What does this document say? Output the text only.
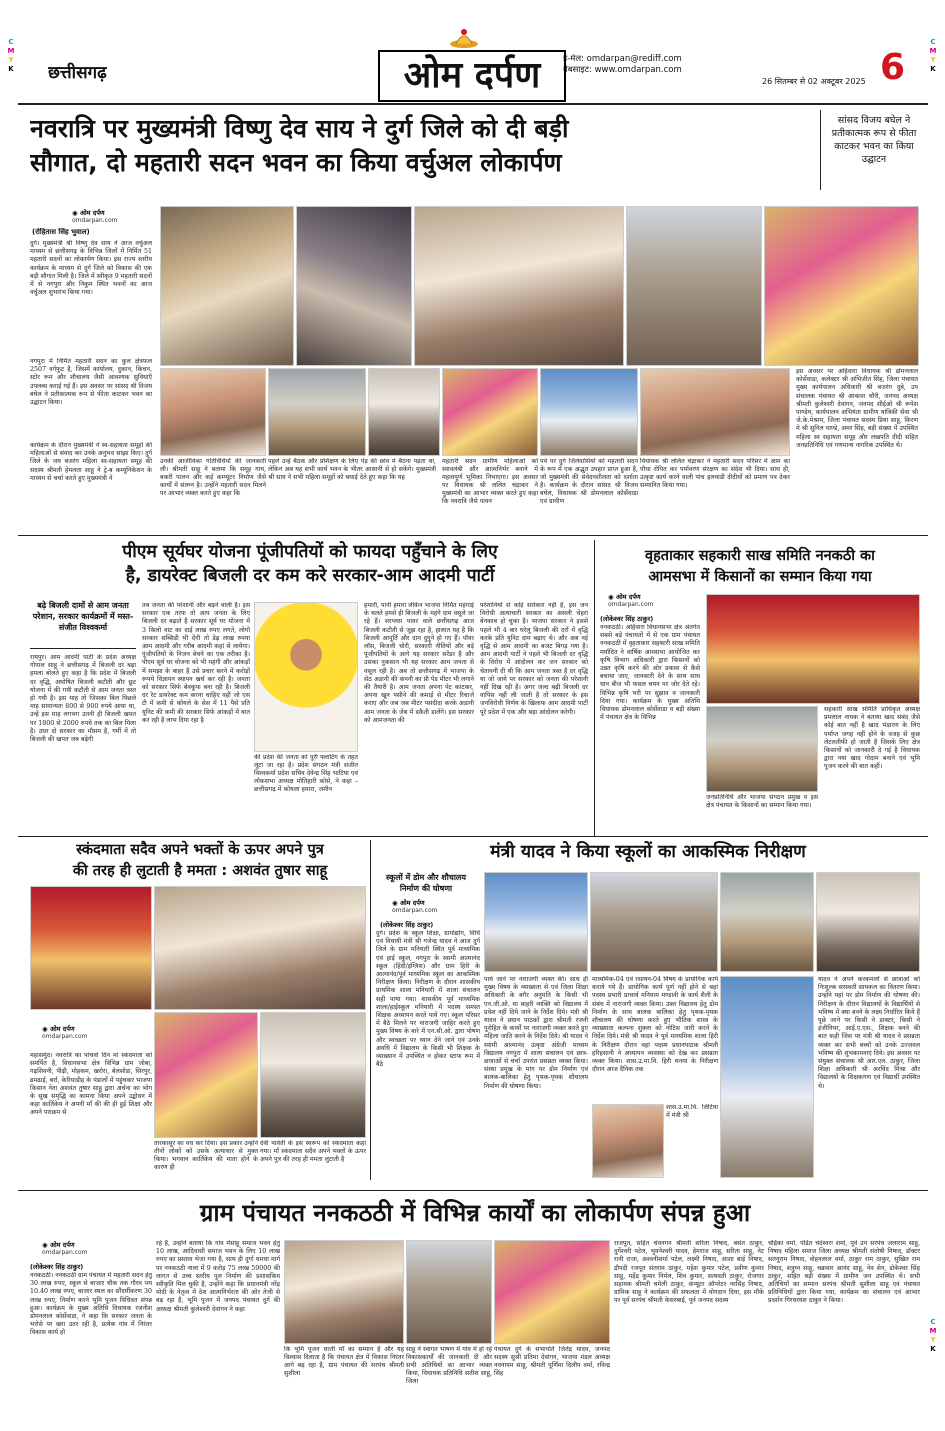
C
M
Y
K
C
M
Y
K
C
M
Y
K
छत्तीसगढ़	ओम दर्पण	ई-मेल: omdarpan@rediff.com
वेबसाइट: www.omdarpan.com
26 सितम्बर से 02 अक्टूबर 2025 6
नवरात्रि पर मुख्यमंत्री विष्णु देव साय ने दुर्ग जिले को दी बड़ी
सौगात, दो महतारी सदन भवन का किया वर्चुअल लोकार्पण
सांसद विजय बघेल ने प्रतीकात्मक रूप से फीता काटकर भवन का किया उद्घाटन
◉ ओम दर्पण
omdarpan.com
(रोहितास सिंह भुवाल)
दुर्ग। मुख्यमंत्री श्री विष्णु देव साय ने आज वर्चुअल माध्यम से छत्तीसगढ़ के विभिन्न जिलों में निर्मित 51 महतारी सदनों का लोकार्पण किया। इस राज्य स्तरीय कार्यक्रम के माध्यम से दुर्ग जिले को विकास की एक बड़ी सौगात मिली है। जिले में स्वीकृत 9 महतारी सदनों में से नगपुरा और निकुम स्थित भवनों का आज वर्चुअल शुभारंभ किया गया।
नगपुरा में निर्मित महतारी सदन का कुल क्षेत्रफल 2507 वर्गफुट है, जिसमें कार्यालय, दुकान, किचन, स्टोर रूम और शौचालय जैसी आवश्यक सुविधाएँ उपलब्ध कराई गई हैं। इस अवसर पर सांसद श्री विजय बघेल ने प्रतीकात्मक रूप से फीता काटकर भवन का उद्घाटन किया।
कार्यक्रम के दौरान मुख्यमंत्री ने स्व-सहायता समूहों की महिलाओं से संवाद कर उनके अनुभव साझा किए। दुर्ग जिले के जय बजरंग महिला स्व-सहायता समूह की सदस्य श्रीमती हेमलता साहू ने ट्रे-ब कम्यूनिकेशन के माध्यम से चर्चा करते हुए मुख्यमंत्री ने
इस अवसर पर अहिवारा विधायक श्री डोमनलाल कोर्सेवाडा, कलेक्टर श्री अभिजीत सिंह, जिला पंचायत मुख्य कार्यपालन अधिकारी श्री बजरंग दुबे, उप संचालक पंचायत श्री आकाश चौरी, जनपद अध्यक्ष श्रीमती कुलेश्वरी देवांगन, जनपद सीईओ श्री रूपेश पाण्डेय, कार्यपालन अभियंता ग्रामीण यांत्रिकी सेवा श्री जे.के.मेश्राम, जिला पंचायत सदस्य प्रिया साहू, किरण मे श्री सुनिल पाण्डे, अमर सिंह, बड़ी संख्या में उपस्थित महिला स्व सहायता समूह और लखपति दीदी सहित जनप्रतिनिधि एवं गणमान्य नागरिक उपस्थित थे।
उनकी आजीविका गतिविधियों की जानकारी ली। श्रीमती साहू ने बताया कि समूह गाय, बकरी पालन और कई कम्प्यूटर निर्माण जैसे कार्यों में संलग्न है। उन्होंने महतारी सदन मिलने पर आभार व्यक्त करते हुए कहा कि
पहले उन्हें बैठक और प्रशिक्षण के लिए पेड़ की छांव में बैठना पड़ता था, लेकिन अब यह सभी कार्य भवन के भीतर आसानी से हो सकेंगे। मुख्यमंत्री श्री साय ने सभी महिला समूहों को बधाई देते हुए कहा कि यह
महतारी सदन ग्रामीण महिलाओं को स्वावलंबी और आत्मनिर्भर बनाने में महत्वपूर्ण भूमिका निभाएगा। इस अवसर पर विधायक श्री ललित चंद्राकर ने मुख्यमंत्री का आभार व्यक्त करते हुए कहा कि नवरात्रि जैसे पावन
पर्व पर दुर्ग जिलेवासियों को महतारी सदन के रूप में एक अद्भुत उपहार प्राप्त हुआ है, जो मुख्यमंत्री की संवेदनशीलता को दर्शाता है। कार्यक्रम के दौरान सांसद श्री विजय बघेल, विधायक श्री डोमनलाल कोर्सेवाडा एवं ग्रामीण
विधायक श्री ललित चंद्राकर ने महतारी सदन परिसर में आम का पौधा रोपित कर पर्यावरण संरक्षण का संदेश भी दिया। साथ ही, उत्कृष्ट कार्य करने वाली पांच हलवाडी दीदीयों को प्रमाण पत्र देकर सम्मानित किया गया।
पीएम सूर्यघर योजना पूंजीपतियों को फायदा पहुँचाने के लिए
है, डायरेक्ट बिजली दर कम करे सरकार-आम आदमी पार्टी
बढ़े बिजली दामों से आम जनता परेशान, सरकार कार्यक्रमों में मस्त- संजीत विश्वकर्मा
रायपुर। आम आदमी पार्टी के प्रदेश अध्यक्ष गोपाल साहू ने छत्तीसगढ़ में बिजली दर बढ़ा हमला बोलते हुए कहा है कि प्रदेश में बिजली दर वृद्धि, अघोषित बिजली कटौती और छूट योजना में की गयी कटौती से आम जनता त्रस्त हो गयी है। इस माह तो जिसका बिल पिछले माह सामान्यतः 800 से 900 रुपये आया था, उन्हें इस माह लगभग उतनी ही बिजली खपत पर 1800 से 2000 रुपये तक का बिल मिला है। उधर दो सरकार का मौसम है, गर्मी में तो बिजली की खपत जब बढ़ेगी
तब जनता की परेशानी और बढ़ने वाली है। इस सरकार एक तरफ तो आप जनता के लिए बिजली दर बढ़ाते है सरकार सूर्य घर योजना में 3 किलो वाट का दाई लाख रुपए लगते, लोगो सरकार सब्सिडी भी देंगी तो डेढ़ लाख रुपया आम आदमी और गरीब आदमी कहां से लायेगा। पूंजीपतियों के निजन बेचने का एक तरीका है। पीएम सूर्य घर योजना को भी महंगी और आंकड़ों में समझा के बाहर है उसे प्रचार करने में करोड़ों रूपये विज्ञापन स्थापन खर्च कर रही है। जनता को सरकार सिर्फ बेवकूफ बना रही है। बिजली दर रेट डायरेक्ट कम करना चाहिए वहीं जो एस टी में कमी से कोयले के सेस में 11 पैसे प्रति यूनिट की कमी की सरकार सिर्फ आंकड़ों में बात कर रही है लाभ दिया रहा है
की प्रदेश की जनता को पूरी फ्लाटिंग के तहत लूटा जा रहा है। प्रदेश संगठन मंत्री संजीत विश्वकर्मा प्रदेश सचिव देवेन्द्र सिंह भाटिया एवं लोकसभा अध्यक्ष मोतिहारी कोसे, ने कहा – छत्तीसगढ़ में कोयला हमारा, जमीन
हमारी, पानी हमारा लेकिन भाजपा निर्मित महंगाई के चलते हमसे ही बिजली के महंगे दाम वसूले जा रहे हैं। सरप्लस पावर वाले छत्तीसगढ़ आज बिजली कटौती से जूझ रहा है, हालात यह है कि बिजली आपूर्ति और दाम दुगुने हो गए हैं। पॉवर लॉस, बिजली चोरी, सरकारी नीतियों और बड़े पूंजीपतियों के आगे यह सरकार सरेंडर है और उसका नुकसान भी यह सरकार आम जनता से वसूल रही है। अब तो छत्तीसगढ़ में भाजपा के सेठ अडानी की कंपनी का प्री पेड मीटर भी लगाने की तैयारी है। आम जनता अपना पेट काटकर, अपना खून पसीने की कमाई से मीटर रिचार्ज कराए और जब जब मीटर पसंदीदा करके अडानी आम जनता के जेब में डकैती डालेंगे। इस सरकार को आमजनता की
परेशानियों से कोई सरोकार नहीं है, इस जन विरोधी अत्याचारी सरकार का असली चेहरा बेनकाब हो चुका है। भाजपा सरकार ने इससे पहले भी 4 बार घरेलू बिजली की दरों में वृद्धि करके प्रति यूनिट दाम बढ़ाए थे। और अब नई वृद्धि से आम आदमी का बजट बिगड़ गया है। आम आदमी पार्टी ने पहले भी बिजली दर वृद्धि के विरोध में आंदोलन कर जन सरकार को चेतावनी दी थी कि आम जनता त्रस्त है दर वृद्धि या जो जाये पर सरकार को जनता की परेशानी नहीं दिख रही है। अगर जल्द बढ़ी बिजली दर वापिस नहीं ली जाती है तो सरकार के इस जनविरोधी निर्णय के खिलाफ आम आदमी पार्टी पूरे प्रदेश में एक और बड़ा आंदोलन करेगी।
वृहताकार सहकारी साख समिति ननकठी का
आमसभा में किसानों का सम्मान किया गया
◉ ओम दर्पण
omdarpan.com
(लोकेश्वर सिंह ठाकुर)
ननकठठी। अहिवारा विधानसभा क्षेत्र अंतर्गत सबसे बड़े पंचायतों में से एक ग्राम पंचायत ननकठठी में वृहताकार सहकारी साख समिति मर्यादित ने वार्षिक आमसभा आयोजित कर कृषि विभाग अधिकारी द्वारा किसानों को उन्नत कृषि करने की ओर प्रकाश से कैसे बचाया जाए, जानकारी देने के साथ साथ धान बीज भी फसल चयन पर जोर देते रहे। विभिन्न कृषि भरी पर सुझाव व जानकारी दिया गया। कार्यक्रम के मुख्य अतिथि विधायक डोमनलाल कोर्सेवाडा व बड़ी संख्या में पंचायत क्षेत्र के विभिन्न
जनप्रतिनिधि और भाजपा संगठन प्रमुख व इस क्षेत्र पंचायत के किसानों का सम्मान किया गया।
सहकारी साख समिति प्राधिकृत अध्यक्ष प्रमलाल नायक ने बताया खाद संबंद जैसे कोई बात नहीं है खाद भंडारण के लिए पर्याप्त जगह नहीं होने के वजह से कुछ लेटलतीफी हो जाती है जिसके लिए क्षेत्र किसानों को जानकारी दे गई है विधायक द्वारा नया खाद गोदाम बनाने एवं भूमि पूजन करने की बात कहीं।
स्कंदमाता सदैव अपने भक्तों के ऊपर अपने पुत्र
की तरह ही लुटाती है ममता : अशवंत तुषार साहू
◉ ओम दर्पण
omdarpan.com
महासमुंद। नवरात्रि का पांचवां दिन मां स्कंदमाता को समर्पित है, विधानसभा क्षेत्र विभिन्न ग्राम जोबा, गढ़सिवनी, पीढ़ी, मोहकम, खरोरा, बेलसोडा, सिरपुर, ढमढाई, बर्रा, केरियाडीह के पंडालों में पहुंचकर भाजपा किसान नेता अशवंत तुषार साहू द्वारा अर्चना का भोग के सुख समृद्धि का कामना किया अपने उद्बोधन में कहा कार्तिकेय ने अपनी माँ की की ही हुई शिक्षा और अपने पराक्रम से
तारकासुर का वध कर दिया। इस प्रकार उन्होंने तीनों लोकों को उसके अत्याचार से मुक्त किया। भगवान कार्तिकेय की माता होने के कारण ही
देवी पार्वती के इस स्वरूप को स्कंदमाता कहा गया। माँ स्कंदमाता सदैव अपने भक्तों के ऊपर अपने पुत्र की तरह ही ममता लुटाती है
मंत्री यादव ने किया स्कूलों का आकस्मिक निरीक्षण
स्कूलों में डोम और शौचालय निर्माण की घोषणा
◉ ओम दर्पण
omdarpan.com
(लोकेश्वर सिंह ठाकुर)
दुर्ग। प्रदेश के स्कूल शिक्षा, ग्रामोद्योग, विधि एवं विधायी मंत्री श्री गजेन्द्र यादव ने आज दुर्ग जिले के ग्राम मनियारी स्थित पूर्व माध्यमिक एवं हाई स्कूल, नगपुरा के स्वामी आत्मानंद स्कूल (हिंदी/इंग्लिश) और ग्राम हिरी के आत्मानंद/पूर्व माध्यमिक स्कूल का आकस्मिक निरीक्षण किया। निरीक्षण के दौरान शासकीय प्राथमिक शाला मनियारी में शाला संचालन सही पाया गया। शासकीय पूर्व माध्यमिक शाला/हाईस्कूल मनियारी में पदस्थ समस्त शिक्षक अध्यापन करते पाये गए। स्कूल परिसर में बैठे मिलने पर नाराजगी जाहिर करते हुए मुख्य विषय के बारे में एन.सी.ओ. द्वारा पोषण और स्वच्छता पर ध्यान देने जाने एवं उनके अवधि में विद्यालय के किसी भी शिक्षक के व्याख्यान में उपस्थित न होकर स्टाफ रूम में बैठे
पाये जाने पर नाराजगी व्यक्त की। साथ ही मुख्य विषय के व्याख्यता से एवं जिला शिक्षा अधिकारी के बगैर अनुमति के किसी भी एन.जी.ओ. या बाहरी व्यक्ति को विद्यालय में प्रवेश नहीं दिये जाने के निर्देश दिये। मंत्री श्री यादव ने प्रधान पाठकों द्वारा श्रीमती रजनी पुरोहित के कार्यों पर नाराजगी व्यक्त करते हुए महिला जाति करने के निर्देश दिये। श्री यादव ने स्वामी आत्मानंद उत्कृष्ट अंग्रेजी माध्यम विद्यालय नगपुरा में शाला संचालन एवं छात्र-छात्राओं से चर्चा उपरांत प्रसन्नता व्यक्त किया। संस्था प्रमुख के मांग पर डोम निर्माण एवं बालक-बालिका हेतु पृथक-पृथक शौचालय निर्माण की घोषणा किया।
माध्यमिक-04 एवं रसायन-04 विषय के प्रायोगिक कार्य कराये गये हैं। प्रायोगिक कार्य पूर्ण नहीं होने से बहां पदस्थ प्रभारी प्राचार्य मनियाम मण्डावी के कार्य शैली के संबंध में नाराजगी व्यक्त किया। उक्त विद्यालय हेतु डोम निर्माण के साथ बालक बालिका हेतु पृथक-पृथक शौचालय की घोषणा करते हुए भौतिक शास्त्र के व्याख्याता कल्पना शुक्ला को नोटिस जारी करने के निर्देश दिये। मंत्री श्री यादव ने पूर्व माध्यमिक शाला हिरी के निरीक्षण दौरान वहां पदस्थ प्रधानपाठक श्रीमती हरिहसानी ने अध्यापन व्यवस्था को देख कर प्रसन्नता व्यक्त किया। शास.उ.मा.वि. हिरी थनमा के निरीक्षण दौरान आज दैनिक तक
शास.उ.मा.वि. लिटिया में मंत्री श्री
यादव ने अपने करकमलों से छात्राओं को निःशुल्क सरस्वती सायकल का वितरण किया। उन्होंने यहां पर डोम निर्माण की घोषणा की। निरीक्षण के दौरान विद्यालयों के विद्यार्थियों से भविष्य में क्या बनने के लक्ष्य निर्धारित किये हैं पूछे जाने पर किसी ने डाक्टर, किसी ने इंजीनियर, आई.ए.एस., शिक्षक बनने की बात कही जिस पर मंत्री श्री यादव ने प्रसन्नता व्यक्त कर सभी बच्चों को उनके उज्जवल भविष्य की शुभकामनाएं दिये। इस अवसर पर संयुक्त संचालक श्री आर.एल. ठाकुर, जिला शिक्षा अधिकारी श्री अरविंद मिश्रा और विद्यालयों के शिक्षकगण एवं विद्यार्थी उपस्थित थे।
ग्राम पंचायत ननकठठी में विभिन्न कार्यों का लोकार्पण संपन्न हुआ
◉ ओम दर्पण
omdarpan.com
(लोकेश्वर सिंह ठाकुर)
ननकठठी। ननकठठी ग्राम पंचायत में महतारी सदन हेतु 30 लाख रुपए, स्कूल से बाजार चौक तक गौरव पथ 10.40 लाख रुपए, बाजार स्थल का सौंदर्यीकरण 30 लाख रुपए, निर्माण करने भूमि पूजन विधिवत संपन्न हुआ। कार्यक्रम के मुख्य अतिथि विधायक रजनीश डोमनलाल कोर्सेवाडा, ने कहा कि सरकार जनता के भरोसे पर खरा उतर रही है, प्रत्येक गांव में निरंतर विकास कार्य हो
रहे हैं, उन्होंने बताया कि गांव मेंसाहू समाज भवन हेतु 10 लाख, आदिवासी समाज भवन के लिए 10 लाख रुपए का प्रस्ताव भेजा गया है, साथ ही दुर्गा धमधा मार्ग पर ननकठठी नाला में 9 करोड़ 75 लाख 59000 की लागत से उच्च स्तरीय पुल निर्माण की प्रशासकिय स्वीकृति मिल चुकी है, उन्होंने कहा कि प्रधानमंत्री नरेंद्र मोदी के नेतृत्व में देश आत्मनिर्भरता की ओर तेजी से बढ़ रहा है, भूमि पूजन में जनपद पंचायत दुर्ग की अध्यक्ष श्रीमती कुलेश्वरी देवांगन ने कहा
कि भूमि पूजन धरती माँ का सम्मान है और यह विश्वास दिलाता है कि पंचायत क्षेत्र में विकास निरंतर आगे बढ़ रहा है, ग्राम पंचायत की सरपंच श्रीमती सुशीला
साहू ने स्वागत भाषण में गांव में हो रहे विकासकार्यों की जानकारी दी और सभी अतिथियों का आभार व्यक्त किया, विधायक प्रतिनिधि सतीश साहू, जिला
पंचायत दुर्ग के सभापति जितेंद्र यादव, जनपद सदस्य सुश्री प्रतिमा देवांगन, भाजपा मंडल अध्यक्ष नवनायम साहू, श्रीमती पूर्णिमा दिलीप वर्मा, रविन्द्र सिंह
राजपूत, सहित चंवनगन श्रीमती सरिता निषाद, बसंत ठाकुर, दुर्गेश्वरी पटेल, भुवनेश्वरी यादव, हेमराज साहू, सरिता साहू, नेट रानी राजा, अश्वनीशर्मा पटेल, लक्ष्मी निषाद, आशा बाई निषाद, द्रौपदी रजपूत संतराम ठाकुर, महेश कुमार पटेल, प्रवीण कुमार साहू, महेंद्र कुमार निर्मल, शिव कुमार, सत्यवती ठाकुर, रोजगार सहायक श्रीमती चमेली ठाकुर, कंप्यूटर ऑपरेटर नरसिंह निषाद, ग्रामिक साहू ने कार्यक्रम की सफलता में योगदान दिया, इस मौके पर पूर्व सरपंच श्रीमती केसरबाई, पूर्व जनपद सदस्य
चंद्रिका वर्मा, पंडित चंदेश्वरा शर्मा, पूर्व उप सरपंच जलाराम साहू, निषाद महिला समाज जिला अध्यक्ष श्रीमती संतोषी निषाद, डॉक्टर सतनूराम निषाद, वोहनलाल वर्मा, ठाकुर राम ठाकुर, सुखित राम निषाद, शत्रुघ्न साहू, चक्रवार आनंद साहू, नेव सेन, डोकेश्वर सिंह ठाकुर, सहित बड़ी संख्या में ग्रामीण जन उपस्थित थे। सभी अतिथियों का सम्मान सरपंच श्रीमती सुशीला साहू एवं पंचायत प्रतिनिधियों द्वारा किया गया, कार्यक्रम का संचालन एवं आभार प्रदर्शन गिरधरवंश ठाकुर ने किया।
